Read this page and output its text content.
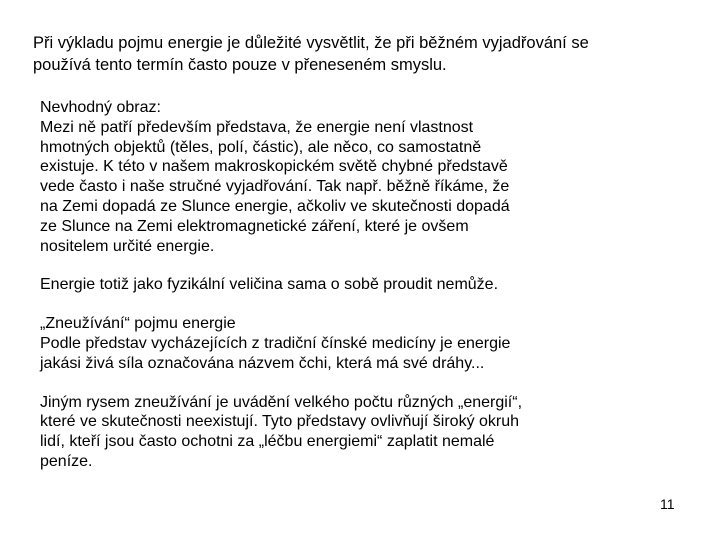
Při výkladu pojmu energie je důležité vysvětlit, že při běžném vyjadřování se
používá tento termín často pouze v přeneseném smyslu.

Nevhodný obraz:
Mezi ně patří především představa, že energie není vlastnost
hmotných objektů (těles, polí, částic), ale něco, co samostatně
existuje. K této v našem makroskopickém světě chybné představě
vede často i naše stručné vyjadřování. Tak např. běžně říkáme, že
na Zemi dopadá ze Slunce energie, ačkoliv ve skutečnosti dopadá
ze Slunce na Zemi elektromagnetické záření, které je ovšem
nositelem určité energie.

Energie totiž jako fyzikální veličina sama o sobě proudit nemůže.

„Zneužívání“ pojmu energie
Podle představ vycházejících z tradiční čínské medicíny je energie
jakási živá síla označována názvem čchi, která má své dráhy...

Jiným rysem zneužívání je uvádění velkého počtu různých „energií“,
které ve skutečnosti neexistují. Tyto představy ovlivňují široký okruh
lidí, kteří jsou často ochotni za „léčbu energiemi“ zaplatit nemalé
peníze.

11
